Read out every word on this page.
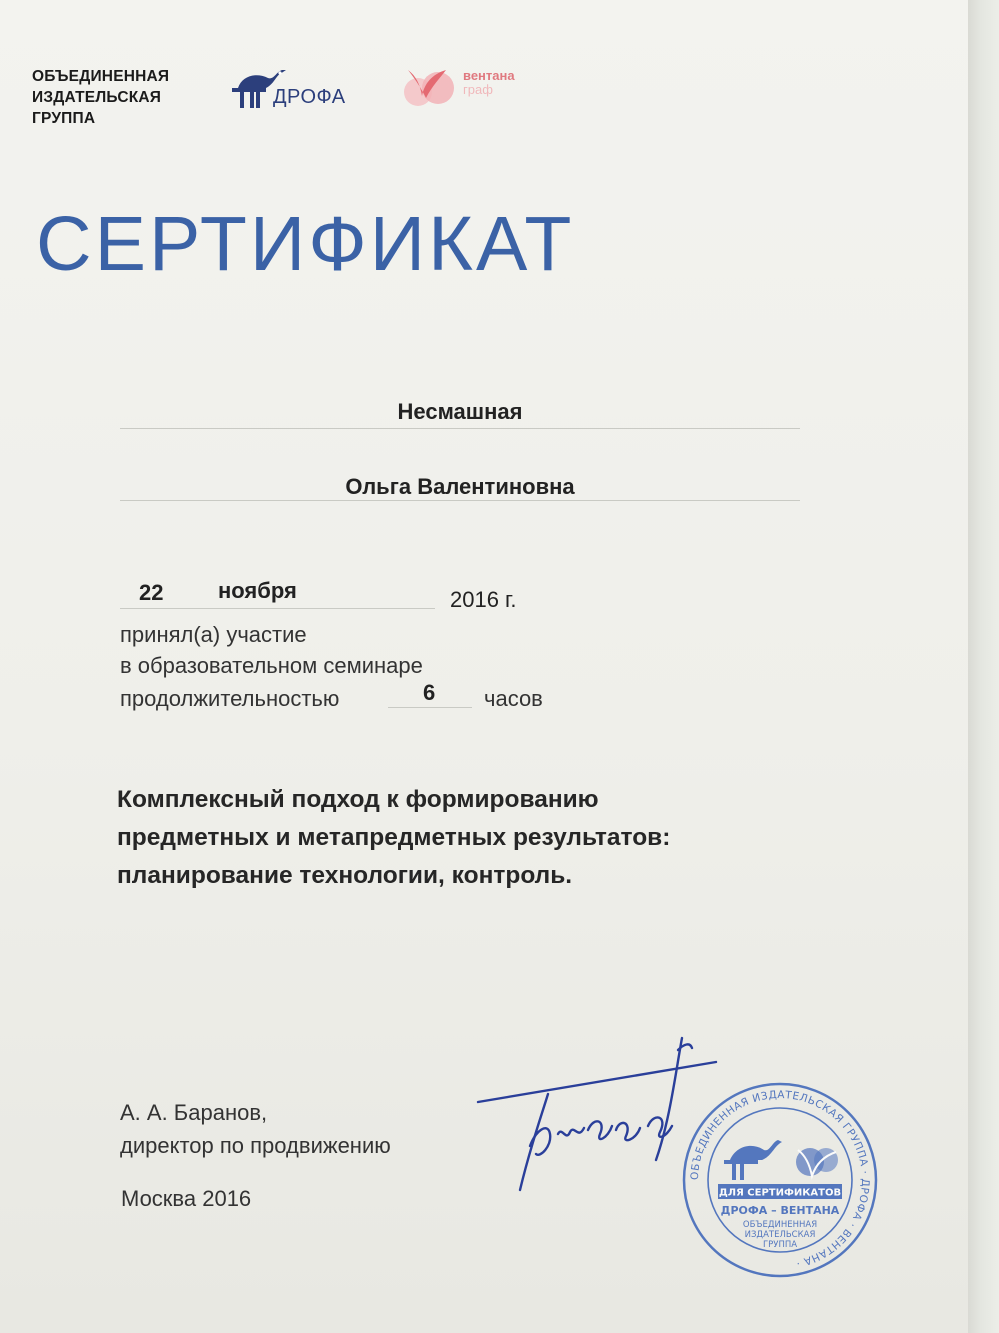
ОБЪЕДИНЕННАЯ
ИЗДАТЕЛЬСКАЯ
ГРУППА
ДРОФА
вентана
граф
СЕРТИФИКАТ
Несмашная
Ольга Валентиновна
22 ноября	2016 г.
принял(а) участие
в образовательном семинаре
продолжительностью	6 часов
Комплексный подход к формированию
предметных и метапредметных результатов:
планирование технологии, контроль.
А. А. Баранов,
директор по продвижению
Москва 2016
ОБЪЕДИНЕННАЯ ИЗДАТЕЛЬСКАЯ ГРУППА · ДРОФА · ВЕНТАНА ·
ДЛЯ СЕРТИФИКАТОВ
ДРОФА – ВЕНТАНА
ОБЪЕДИНЕННАЯ
ИЗДАТЕЛЬСКАЯ
ГРУППА
